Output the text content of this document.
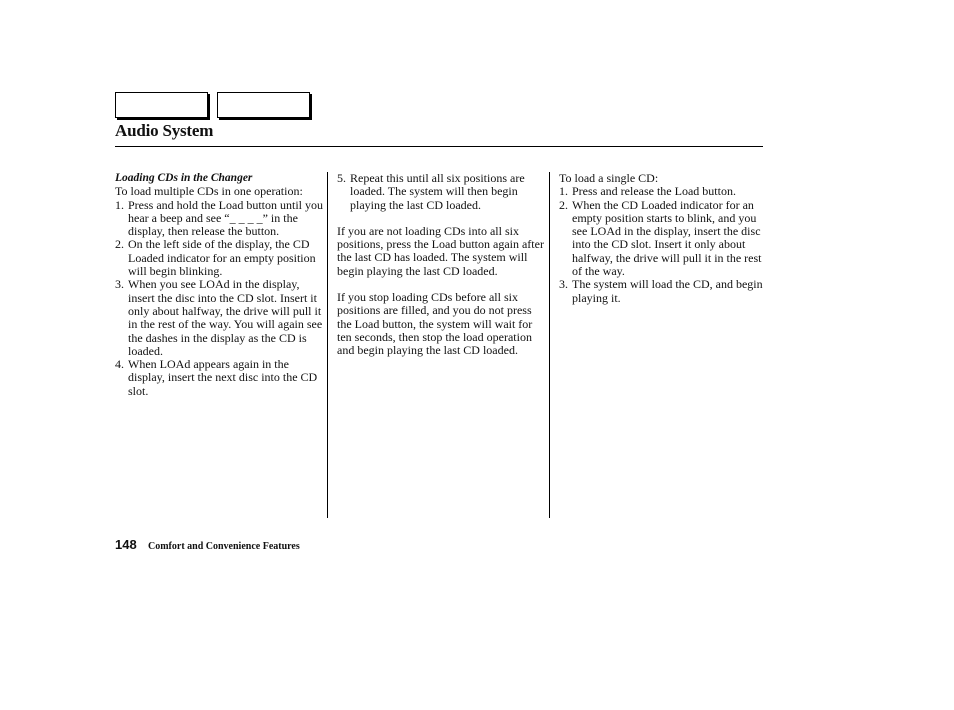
Audio System
Loading CDs in the Changer

To load multiple CDs in one operation:

1. Press and hold the Load button until you hear a beep and see “_ _ _ _” in the display, then release the button.
2. On the left side of the display, the CD Loaded indicator for an empty position will begin blinking.
3. When you see LOAd in the display, insert the disc into the CD slot. Insert it only about halfway, the drive will pull it in the rest of the way. You will again see the dashes in the display as the CD is loaded.
4. When LOAd appears again in the display, insert the next disc into the CD slot.
5. Repeat this until all six positions are loaded. The system will then begin playing the last CD loaded.

If you are not loading CDs into all six positions, press the Load button again after the last CD has loaded. The system will begin playing the last CD loaded.

If you stop loading CDs before all six positions are filled, and you do not press the Load button, the system will wait for ten seconds, then stop the load operation and begin playing the last CD loaded.

To load a single CD:

1. Press and release the Load button.
2. When the CD Loaded indicator for an empty position starts to blink, and you see LOAd in the display, insert the disc into the CD slot. Insert it only about halfway, the drive will pull it in the rest of the way.
3. The system will load the CD, and begin playing it.
148 Comfort and Convenience Features
